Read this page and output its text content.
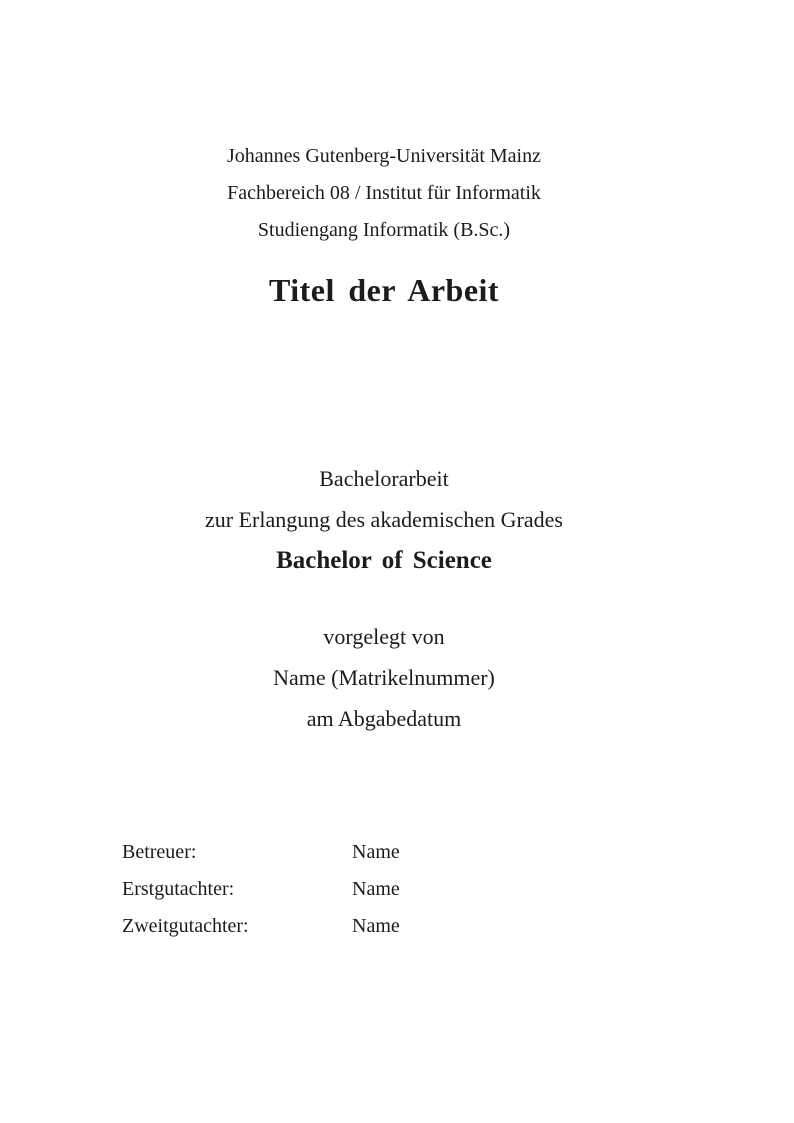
Johannes Gutenberg-Universität Mainz
Fachbereich 08 / Institut für Informatik
Studiengang Informatik (B.Sc.)
Titel der Arbeit
Bachelorarbeit
zur Erlangung des akademischen Grades
Bachelor of Science
vorgelegt von
Name (Matrikelnummer)
am Abgabedatum
Betreuer:	Name
Erstgutachter:	Name
Zweitgutachter:	Name
